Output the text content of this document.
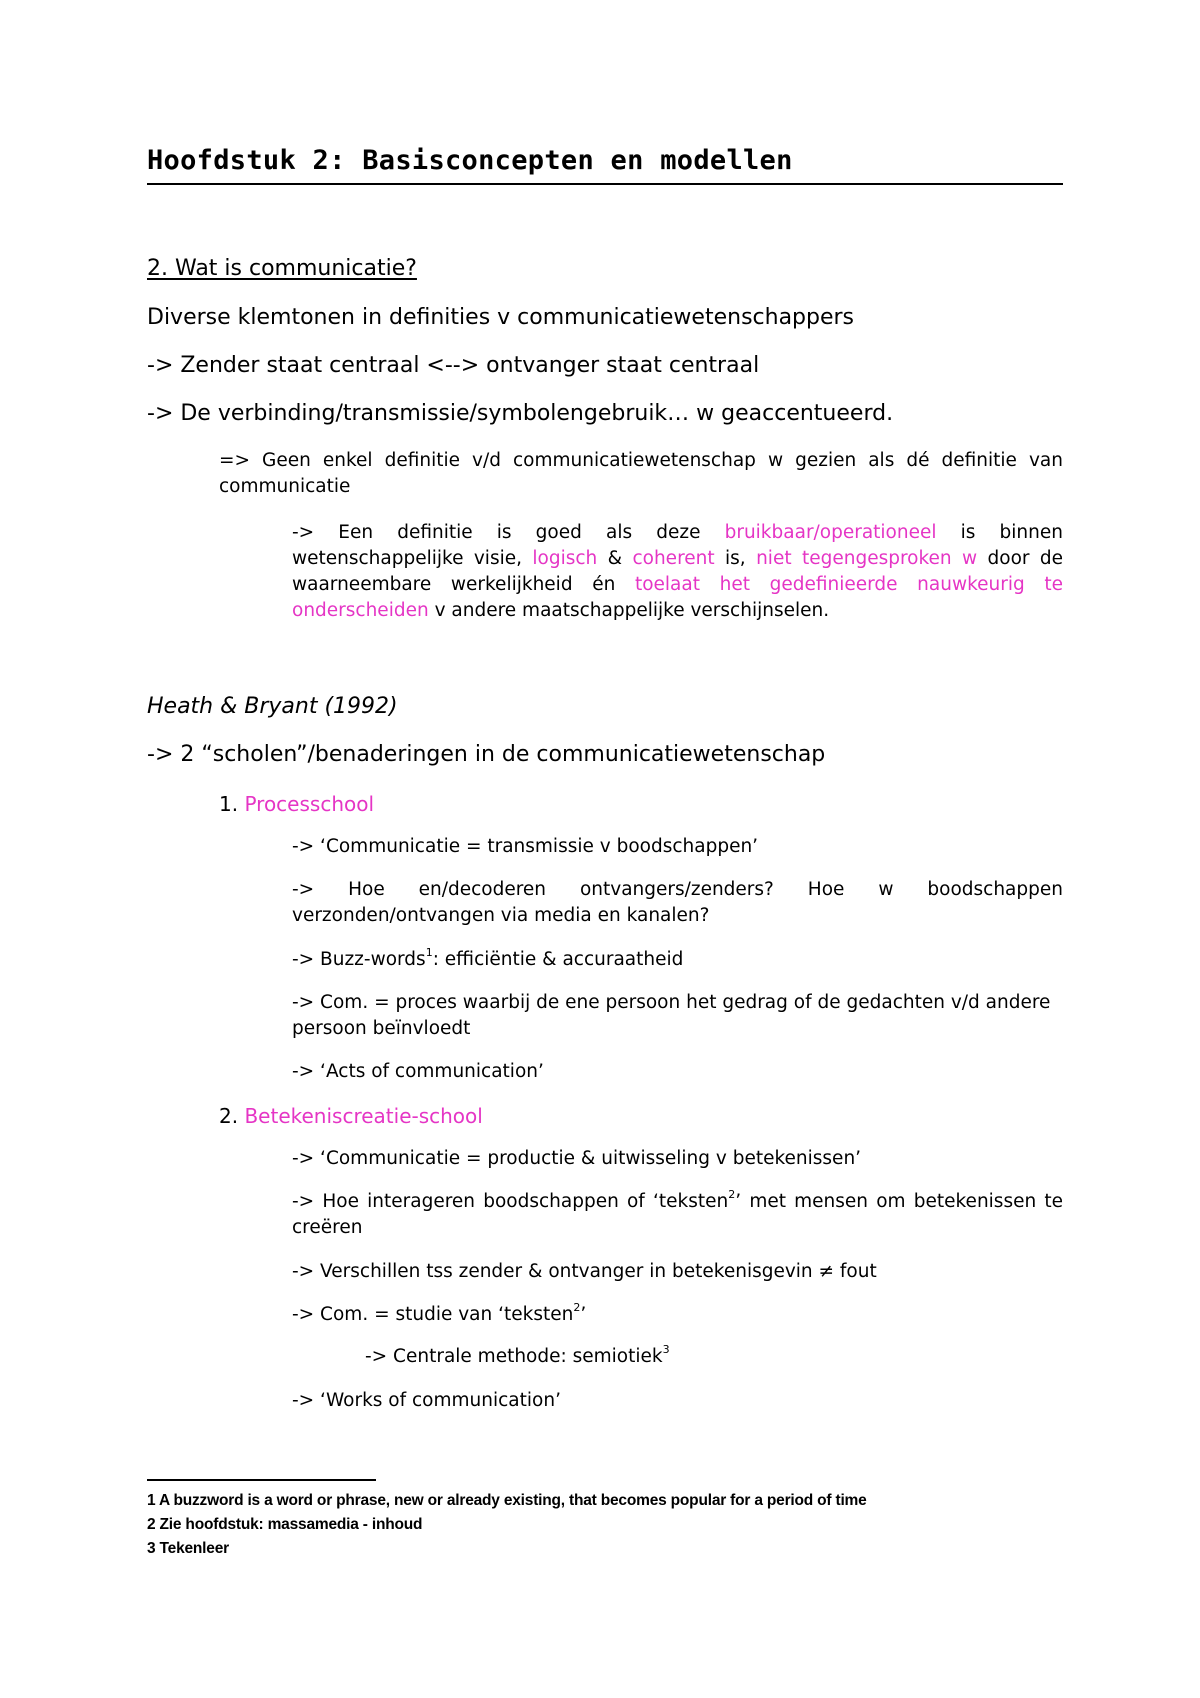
Hoofdstuk 2: Basisconcepten en modellen
2. Wat is communicatie?
Diverse klemtonen in definities v communicatiewetenschappers
-> Zender staat centraal <--> ontvanger staat centraal
-> De verbinding/transmissie/symbolengebruik… w geaccentueerd.
=> Geen enkel definitie v/d communicatiewetenschap w gezien als dé definitie van communicatie
-> Een definitie is goed als deze bruikbaar/operationeel is binnen wetenschappelijke visie, logisch & coherent is, niet tegengesproken w door de waarneembare werkelijkheid én toelaat het gedefinieerde nauwkeurig te onderscheiden v andere maatschappelijke verschijnselen.
Heath & Bryant (1992)
-> 2 “scholen”/benaderingen in de communicatiewetenschap
1. Processchool
-> ‘Communicatie = transmissie v boodschappen’
-> Hoe en/decoderen ontvangers/zenders? Hoe w boodschappen verzonden/ontvangen via media en kanalen?
-> Buzz-words$^1$: efficiëntie & accuraatheid
-> Com. = proces waarbij de ene persoon het gedrag of de gedachten v/d andere persoon beïnvloedt
-> ‘Acts of communication’
2. Betekeniscreatie-school
-> ‘Communicatie = productie & uitwisseling v betekenissen’
-> Hoe interageren boodschappen of ‘teksten$^2$’ met mensen om betekenissen te creëren
-> Verschillen tss zender & ontvanger in betekenisgevin ≠ fout
-> Com. = studie van ‘teksten$^2$’
-> Centrale methode: semiotiek$^3$
-> ‘Works of communication’
1 A buzzword is a word or phrase, new or already existing, that becomes popular for a period of time
2 Zie hoofdstuk: massamedia - inhoud
3 Tekenleer
